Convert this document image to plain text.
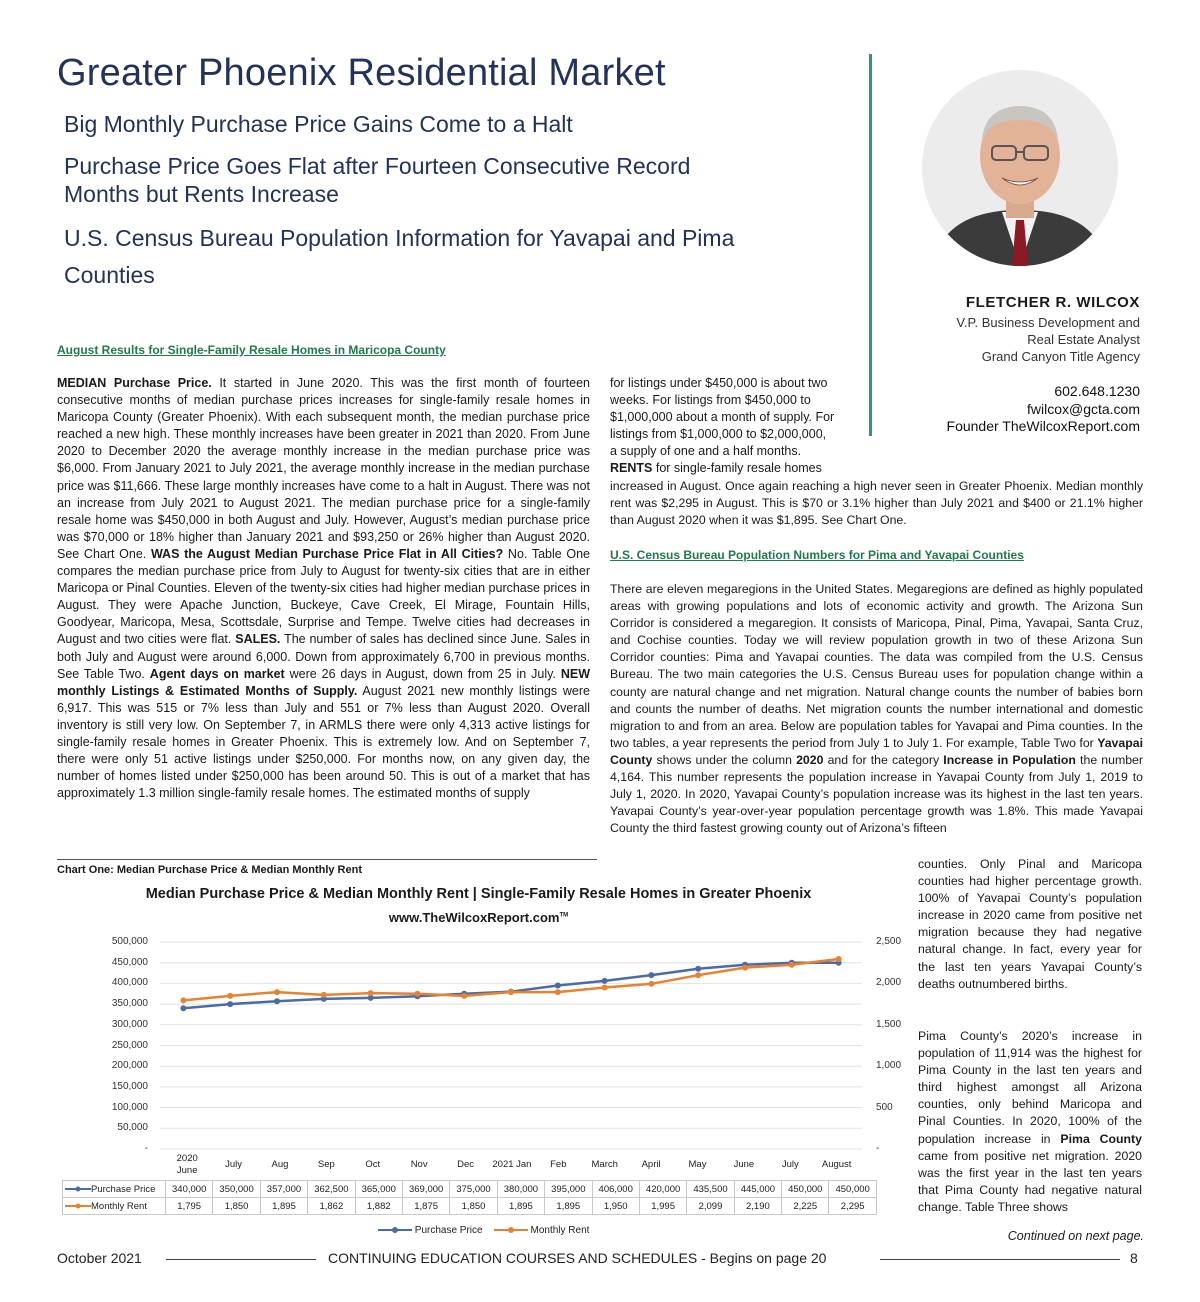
Greater Phoenix Residential Market
Big Monthly Purchase Price Gains Come to a Halt
Purchase Price Goes Flat after Fourteen Consecutive Record
Months but Rents Increase
U.S. Census Bureau Population Information for Yavapai and Pima
Counties
FLETCHER R. WILCOX
V.P. Business Development and
Real Estate Analyst
Grand Canyon Title Agency
602.648.1230
fwilcox@gcta.com
Founder TheWilcoxReport.com
August Results for Single-Family Resale Homes in Maricopa County
MEDIAN Purchase Price. It started in June 2020. This was the first month of fourteen consecutive months of median purchase prices increases for single-family resale homes in Maricopa County (Greater Phoenix). With each subsequent month, the median purchase price reached a new high. These monthly increases have been greater in 2021 than 2020. From June 2020 to December 2020 the average monthly increase in the median purchase price was $6,000. From January 2021 to July 2021, the average monthly increase in the median purchase price was $11,666. These large monthly increases have come to a halt in August. There was not an increase from July 2021 to August 2021. The median purchase price for a single-family resale home was $450,000 in both August and July. However, August’s median purchase price was $70,000 or 18% higher than January 2021 and $93,250 or 26% higher than August 2020. See Chart One. WAS the August Median Purchase Price Flat in All Cities? No. Table One compares the median purchase price from July to August for twenty-six cities that are in either Maricopa or Pinal Counties. Eleven of the twenty-six cities had higher median purchase prices in August. They were Apache Junction, Buckeye, Cave Creek, El Mirage, Fountain Hills, Goodyear, Maricopa, Mesa, Scottsdale, Surprise and Tempe. Twelve cities had decreases in August and two cities were flat. SALES. The number of sales has declined since June. Sales in both July and August were around 6,000. Down from approximately 6,700 in previous months. See Table Two. Agent days on market were 26 days in August, down from 25 in July. NEW monthly Listings & Estimated Months of Supply. August 2021 new monthly listings were 6,917. This was 515 or 7% less than July and 551 or 7% less than August 2020. Overall inventory is still very low. On September 7, in ARMLS there were only 4,313 active listings for single-family resale homes in Greater Phoenix. This is extremely low. And on September 7, there were only 51 active listings under $250,000. For months now, on any given day, the number of homes listed under $250,000 has been around 50. This is out of a market that has approximately 1.3 million single-family resale homes. The estimated months of supply
for listings under $450,000 is about two
weeks. For listings from $450,000 to
$1,000,000 about a month of supply. For
listings from $1,000,000 to $2,000,000,
a supply of one and a half months.
RENTS for single-family resale homes
increased in August. Once again reaching a high never seen in Greater Phoenix. Median monthly rent was $2,295 in August. This is $70 or 3.1% higher than July 2021 and $400 or 21.1% higher than August 2020 when it was $1,895. See Chart One.
U.S. Census Bureau Population Numbers for Pima and Yavapai Counties
There are eleven megaregions in the United States. Megaregions are defined as highly populated areas with growing populations and lots of economic activity and growth. The Arizona Sun Corridor is considered a megaregion. It consists of Maricopa, Pinal, Pima, Yavapai, Santa Cruz, and Cochise counties. Today we will review population growth in two of these Arizona Sun Corridor counties: Pima and Yavapai counties. The data was compiled from the U.S. Census Bureau. The two main categories the U.S. Census Bureau uses for population change within a county are natural change and net migration. Natural change counts the number of babies born and counts the number of deaths. Net migration counts the number international and domestic migration to and from an area. Below are population tables for Yavapai and Pima counties. In the two tables, a year represents the period from July 1 to July 1. For example, Table Two for Yavapai County shows under the column 2020 and for the category Increase in Population the number 4,164. This number represents the population increase in Yavapai County from July 1, 2019 to July 1, 2020. In 2020, Yavapai County’s population increase was its highest in the last ten years. Yavapai County’s year-over-year population percentage growth was 1.8%. This made Yavapai County the third fastest growing county out of Arizona’s fifteen
counties. Only Pinal and Maricopa counties had higher percentage growth. 100% of Yavapai County’s population increase in 2020 came from positive net migration because they had negative natural change. In fact, every year for the last ten years Yavapai County’s deaths outnumbered births.
Pima County’s 2020’s increase in population of 11,914 was the highest for Pima County in the last ten years and third highest amongst all Arizona counties, only behind Maricopa and Pinal Counties. In 2020, 100% of the population increase in Pima County came from positive net migration. 2020 was the first year in the last ten years that Pima County had negative natural change. Table Three shows
Continued on next page.
Chart One: Median Purchase Price & Median Monthly Rent
Median Purchase Price & Median Monthly Rent | Single-Family Resale Homes in Greater Phoenix
www.TheWilcoxReport.com™
500,000
450,000
400,000
350,000
300,000
250,000
200,000
150,000
100,000
50,000
-
2,500
2,000
1,500
1,000
500
-

2020
June

July	Aug	Sep	Oct	Nov	Dec	2021 Jan	Feb	March	April	May	June	July	August
Purchase Price	340,000	350,000	357,000	362,500	365,000	369,000	375,000	380,000	395,000	406,000	420,000	435,500	445,000	450,000	450,000
Monthly Rent	1,795	1,850	1,895	1,862	1,882	1,875	1,850	1,895	1,895	1,950	1,995	2,099	2,190	2,225	2,295
Purchase Price	Monthly Rent
October 2021	CONTINUING EDUCATION COURSES AND SCHEDULES - Begins on page 20	8
